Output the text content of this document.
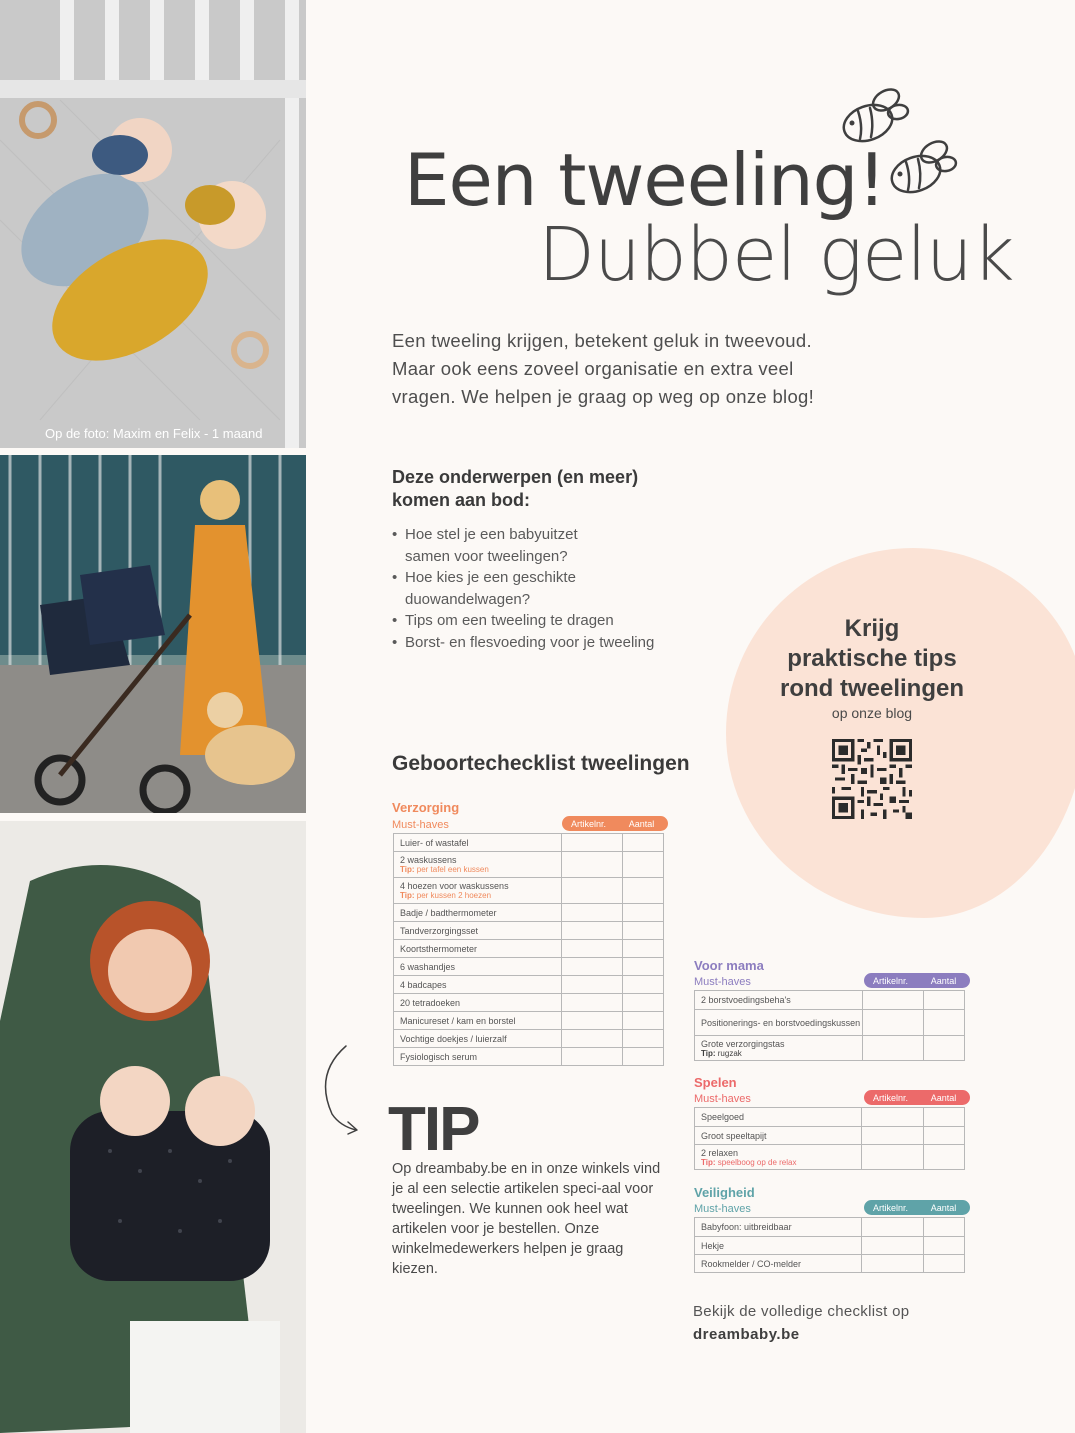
Op de foto: Maxim en Felix - 1 maand
Een tweeling!
Dubbel geluk

Een tweeling krijgen, betekent geluk in tweevoud.

Maar ook eens zoveel organisatie en extra veel

vragen. We helpen je graag op weg op onze blog!

Deze onderwerpen (en meer)
komen aan bod:
• Hoe stel je een babyuitzet
samen voor tweelingen?
• Hoe kies je een geschikte
duowandelwagen?
• Tips om een tweeling te dragen
• Borst- en flesvoeding voor je tweeling
Krijg
praktische tips
rond tweelingen
op onze blog
Geboortechecklist tweelingen
Verzorging
Must-haves	Artikelnr.	Aantal
Luier- of wastafel		
2 waskussens
Tip: per tafel een kussen		

4 hoezen voor waskussens
Tip: per kussen 2 hoezen		

Badje / badthermometer		
Tandverzorgingsset		
Koortsthermometer		
6 washandjes		
4 badcapes		
20 tetradoeken		
Manicureset / kam en borstel		
Vochtige doekjes / luierzalf		
Fysiologisch serum		
Voor mama
Must-haves	Artikelnr.	Aantal
2 borstvoedingsbeha's		
Positionerings- en borstvoedingskussen		
Grote verzorgingstas
Tip: rugzak		

Spelen
Must-haves	Artikelnr.	Aantal
Speelgoed		
Groot speeltapijt		
2 relaxen
Tip: speelboog op de relax		

Veiligheid
Must-haves	Artikelnr.	Aantal
Babyfoon: uitbreidbaar		
Hekje		
Rookmelder / CO-melder		
TIP
Op dreambaby.be en in onze winkels vind je al een selectie artikelen speci-aal voor tweelingen. We kunnen ook heel wat artikelen voor je bestellen. Onze winkelmedewerkers helpen je graag kiezen.
Bekijk de volledige checklist op
dreambaby.be
